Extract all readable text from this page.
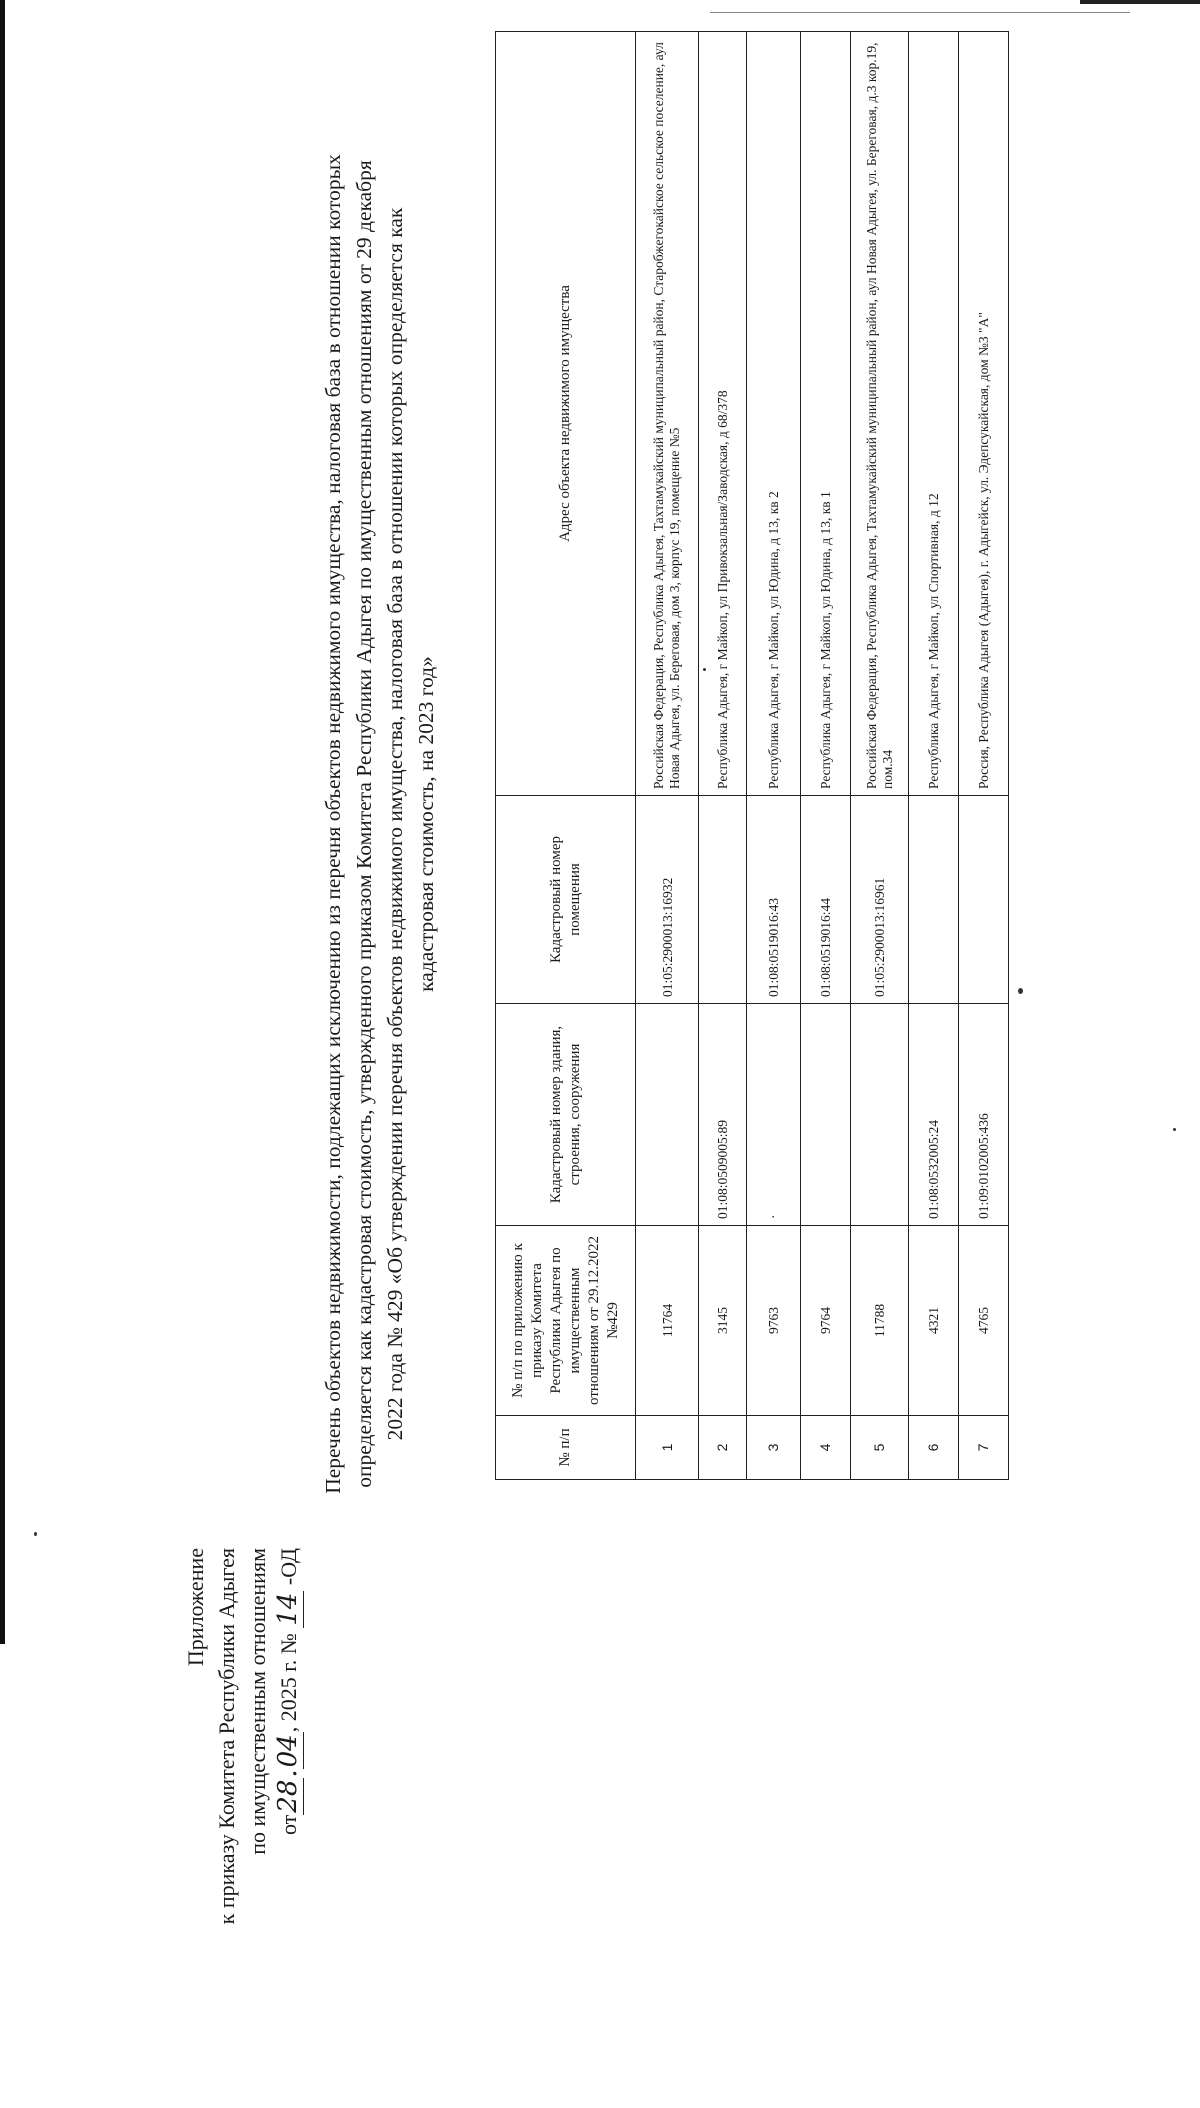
Приложение к приказу Комитета Республики Адыгея по имущественным отношениям от28.04, 2025 г. № 14 -ОД
Перечень объектов недвижимости, подлежащих исключению из перечня объектов недвижимого имущества, налоговая база в отношении которых определяется как кадастровая стоимость, утвержденного приказом Комитета Республики Адыгея по имущественным отношениям от 29 декабря 2022 года № 429 «Об утверждении перечня объектов недвижимого имущества, налоговая база в отношении которых определяется как кадастровая стоимость, на 2023 год»
№ п/п	№ п/п по приложению к приказу Комитета Республики Адыгея по имущественным отношениям от 29.12.2022 №429	Кадастровый номер здания, строения, сооружения	Кадастровый номер помещения	Адрес объекта недвижимого имущества
1	11764		01:05:2900013:16932	Российская Федерация, Республика Адыгея, Тахтамукайский муниципальный район, Старобжегокайское сельское поселение, аул Новая Адыгея, ул. Береговая, дом 3, корпус 19, помещение №5
2	3145	01:08:0509005:89		Республика Адыгея, г Майкоп, ул Привокзальная/Заводская, д 68/378
3	9763	·	01:08:0519016:43	Республика Адыгея, г Майкоп, ул Юдина, д 13, кв 2
4	9764		01:08:0519016:44	Республика Адыгея, г Майкоп, ул Юдина, д 13, кв 1
5	11788		01:05:2900013:16961	Российская Федерация, Республика Адыгея, Тахтамукайский муниципальный район, аул Новая Адыгея, ул. Береговая, д.3 кор.19, пом.34
6	4321	01:08:0532005:24		Республика Адыгея, г Майкоп, ул Спортивная, д 12
7	4765	01:09:0102005:436		Россия, Республика Адыгея (Адыгея), г. Адыгейск, ул. Эдепсукайская, дом №3 "А"
